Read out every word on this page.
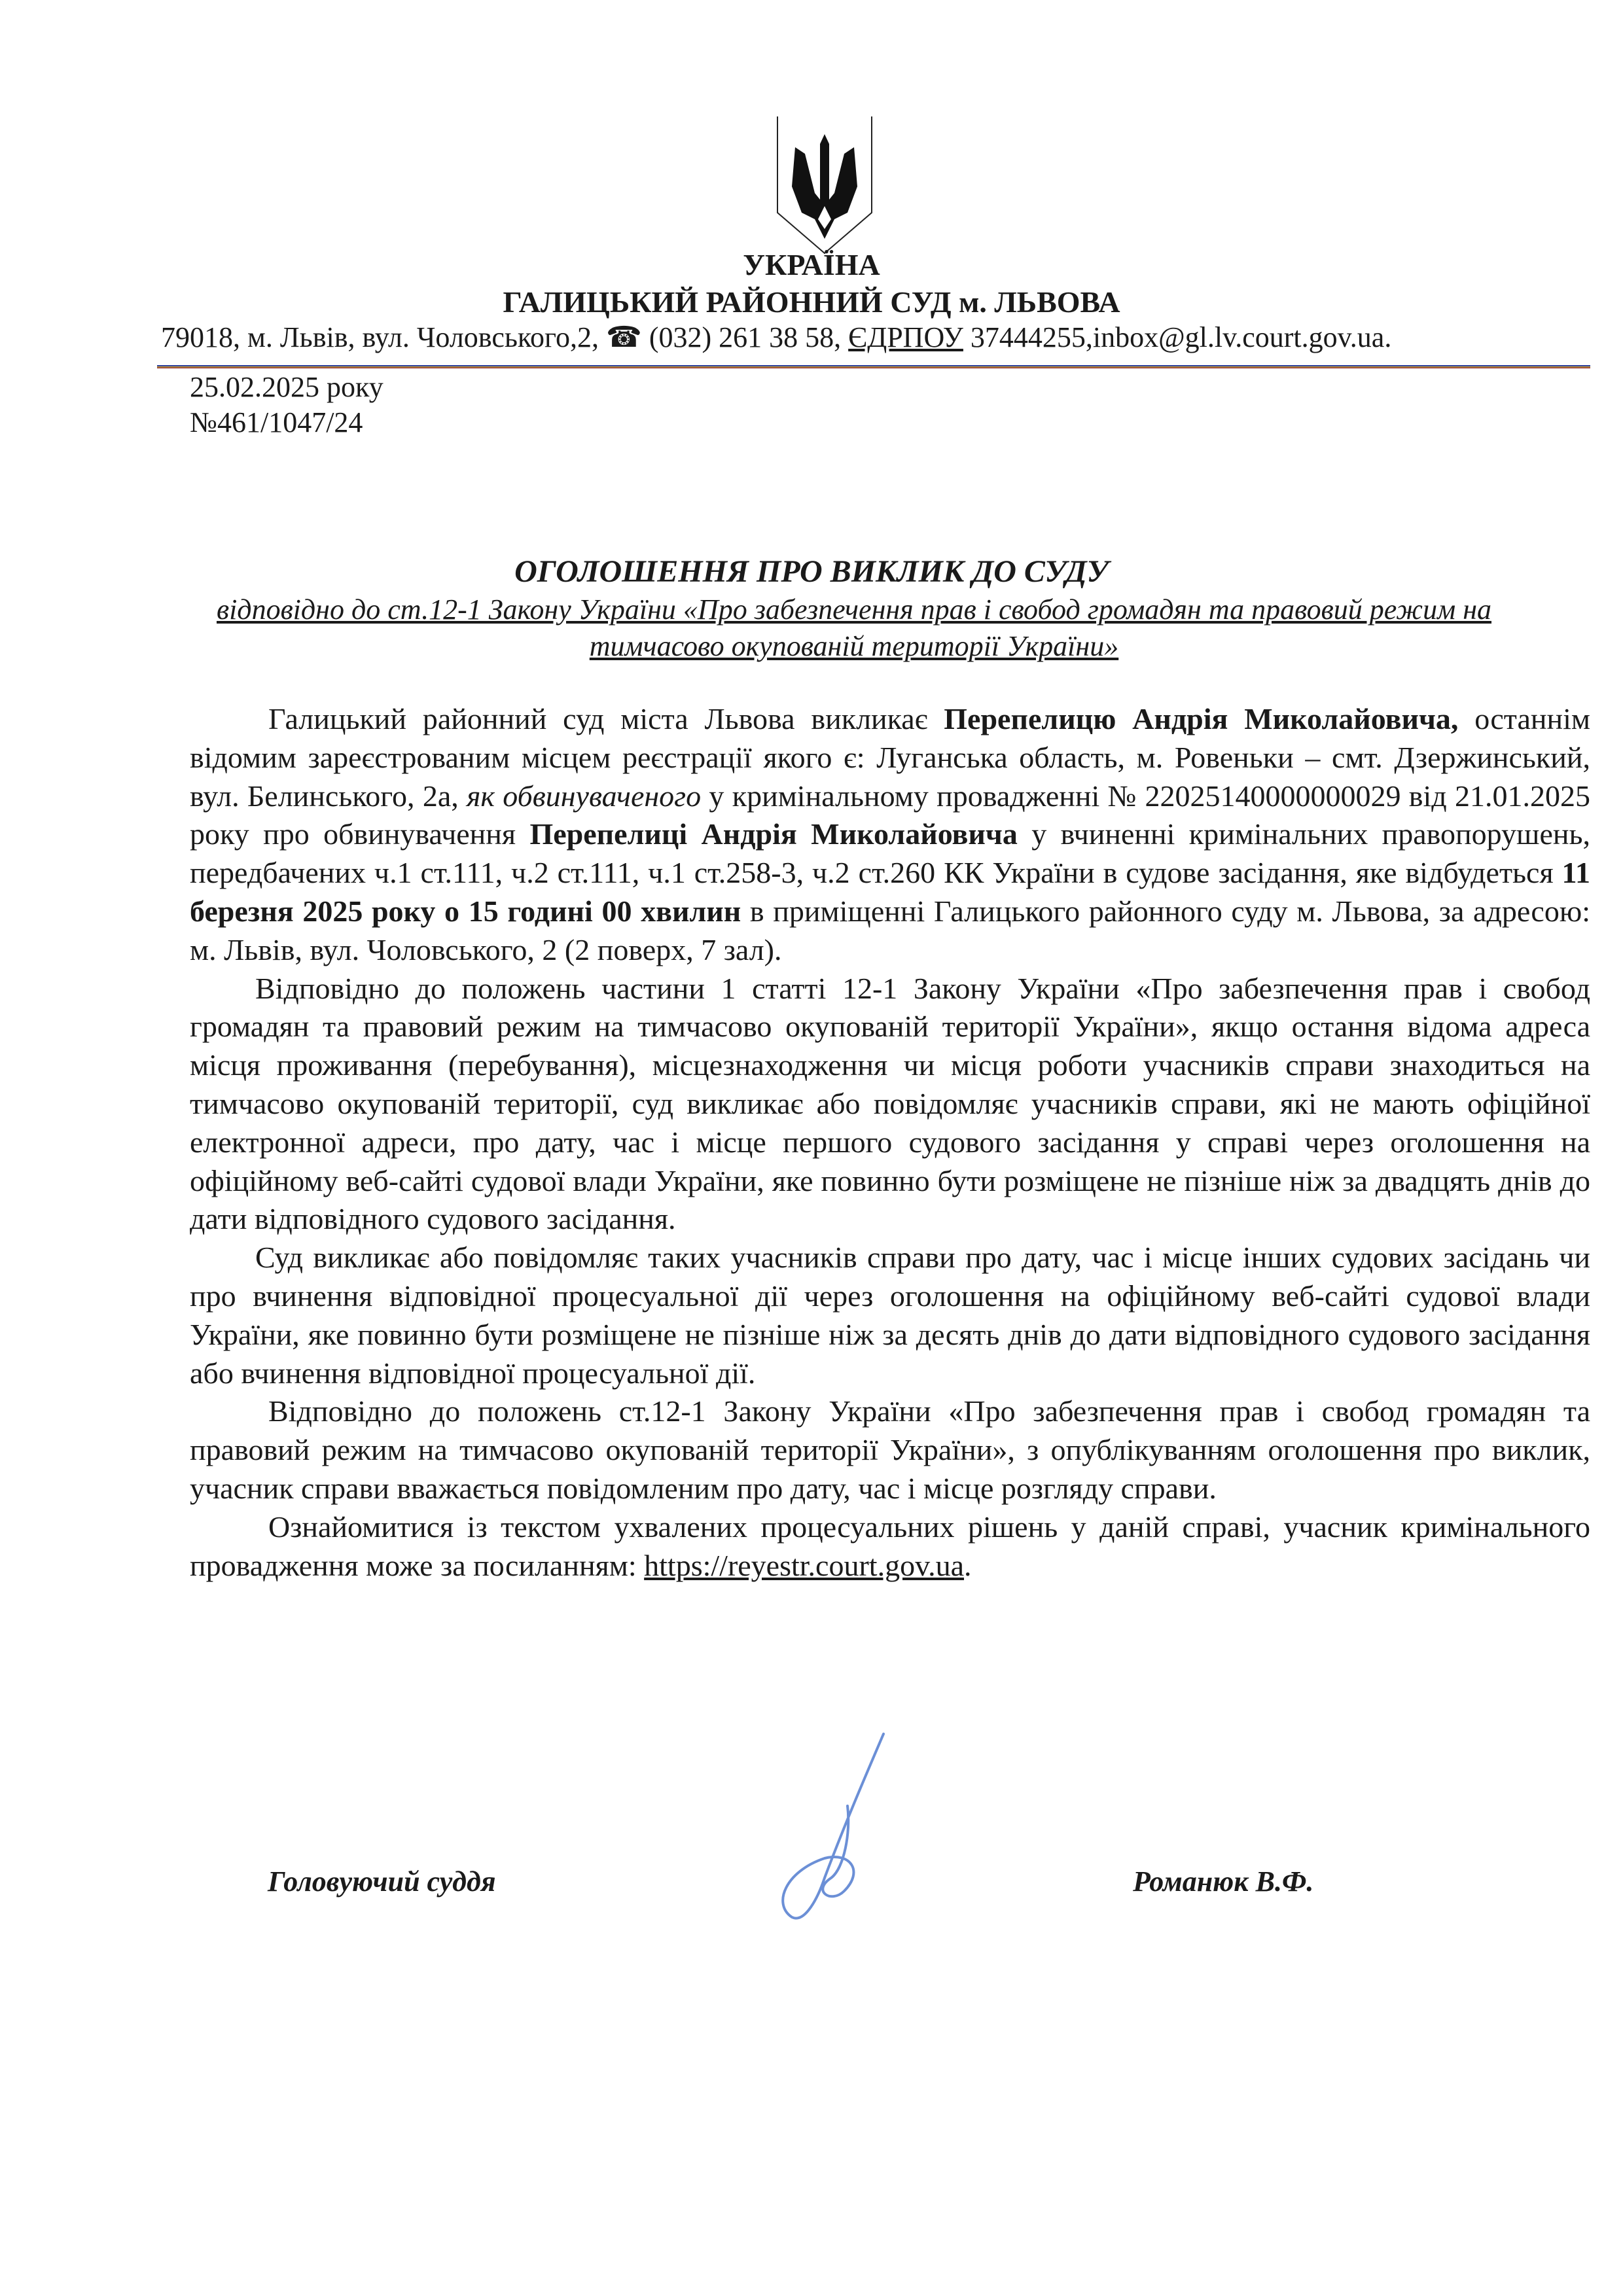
УКРАЇНА
ГАЛИЦЬКИЙ РАЙОННИЙ СУД м. ЛЬВОВА
79018, м. Львів, вул. Чоловського,2, ☎ (032) 261 38 58, ЄДРПОУ 37444255,inbox@gl.lv.court.gov.ua.
25.02.2025 року
№461/1047/24
ОГОЛОШЕННЯ ПРО ВИКЛИК ДО СУДУ
відповідно до ст.12-1 Закону України «Про забезпечення прав і свобод громадян та правовий режим на тимчасово окупованій території України»

Галицький районний суд міста Львова викликає Перепелицю Андрія Миколайовича, останнім відомим зареєстрованим місцем реєстрації якого є: Луганська область, м. Ровеньки – смт. Дзержинський, вул. Белинського, 2а, як обвинуваченого у кримінальному провадженні № 22025140000000029 від 21.01.2025 року про обвинувачення Перепелиці Андрія Миколайовича у вчиненні кримінальних правопорушень, передбачених ч.1 ст.111, ч.2 ст.111, ч.1 ст.258-3, ч.2 ст.260 КК України в судове засідання, яке відбудеться 11 березня 2025 року о 15 годині 00 хвилин в приміщенні Галицького районного суду м. Львова, за адресою: м. Львів, вул. Чоловського, 2 (2 поверх, 7 зал).

Відповідно до положень частини 1 статті 12-1 Закону України «Про забезпечення прав і свобод громадян та правовий режим на тимчасово окупованій території України», якщо остання відома адреса місця проживання (перебування), місцезнаходження чи місця роботи учасників справи знаходиться на тимчасово окупованій території, суд викликає або повідомляє учасників справи, які не мають офіційної електронної адреси, про дату, час і місце першого судового засідання у справі через оголошення на офіційному веб-сайті судової влади України, яке повинно бути розміщене не пізніше ніж за двадцять днів до дати відповідного судового засідання.

Суд викликає або повідомляє таких учасників справи про дату, час і місце інших судових засідань чи про вчинення відповідної процесуальної дії через оголошення на офіційному веб-сайті судової влади України, яке повинно бути розміщене не пізніше ніж за десять днів до дати відповідного судового засідання або вчинення відповідної процесуальної дії.

Відповідно до положень ст.12-1 Закону України «Про забезпечення прав і свобод громадян та правовий режим на тимчасово окупованій території України», з опублікуванням оголошення про виклик, учасник справи вважається повідомленим про дату, час і місце розгляду справи.

Ознайомитися із текстом ухвалених процесуальних рішень у даній справі, учасник кримінального провадження може за посиланням: https://reyestr.court.gov.ua.

Головуючий суддя	Романюк В.Ф.
